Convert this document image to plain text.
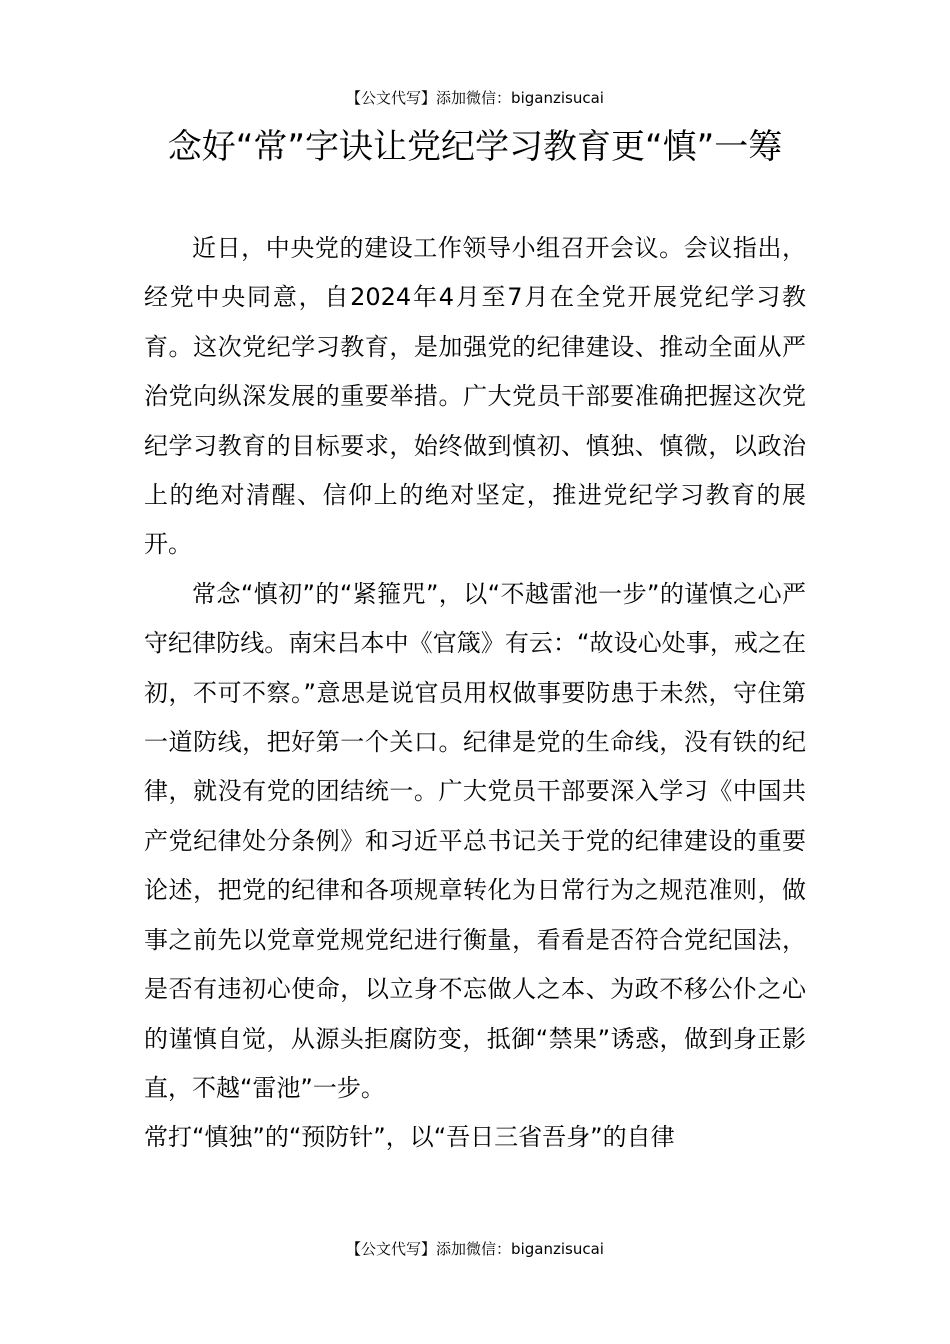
【公文代写】添加微信：biganzisucai
念好“常”字诀让党纪学习教育更“慎”一筹

近日，中央党的建设工作领导小组召开会议。会议指出，经党中央同意，自2024年4月至7月在全党开展党纪学习教育。这次党纪学习教育，是加强党的纪律建设、推动全面从严治党向纵深发展的重要举措。广大党员干部要准确把握这次党纪学习教育的目标要求，始终做到慎初、慎独、慎微，以政治上的绝对清醒、信仰上的绝对坚定，推进党纪学习教育的展开。

常念“慎初”的“紧箍咒”，以“不越雷池一步”的谨慎之心严守纪律防线。南宋吕本中《官箴》有云：“故设心处事，戒之在初，不可不察。”意思是说官员用权做事要防患于未然，守住第一道防线，把好第一个关口。纪律是党的生命线，没有铁的纪律，就没有党的团结统一。广大党员干部要深入学习《中国共产党纪律处分条例》和习近平总书记关于党的纪律建设的重要论述，把党的纪律和各项规章转化为日常行为之规范准则，做事之前先以党章党规党纪进行衡量，看看是否符合党纪国法，是否有违初心使命，以立身不忘做人之本、为政不移公仆之心的谨慎自觉，从源头拒腐防变，抵御“禁果”诱惑，做到身正影直，不越“雷池”一步。

常打“慎独”的“预防针”，以“吾日三省吾身”的自律

【公文代写】添加微信：biganzisucai
